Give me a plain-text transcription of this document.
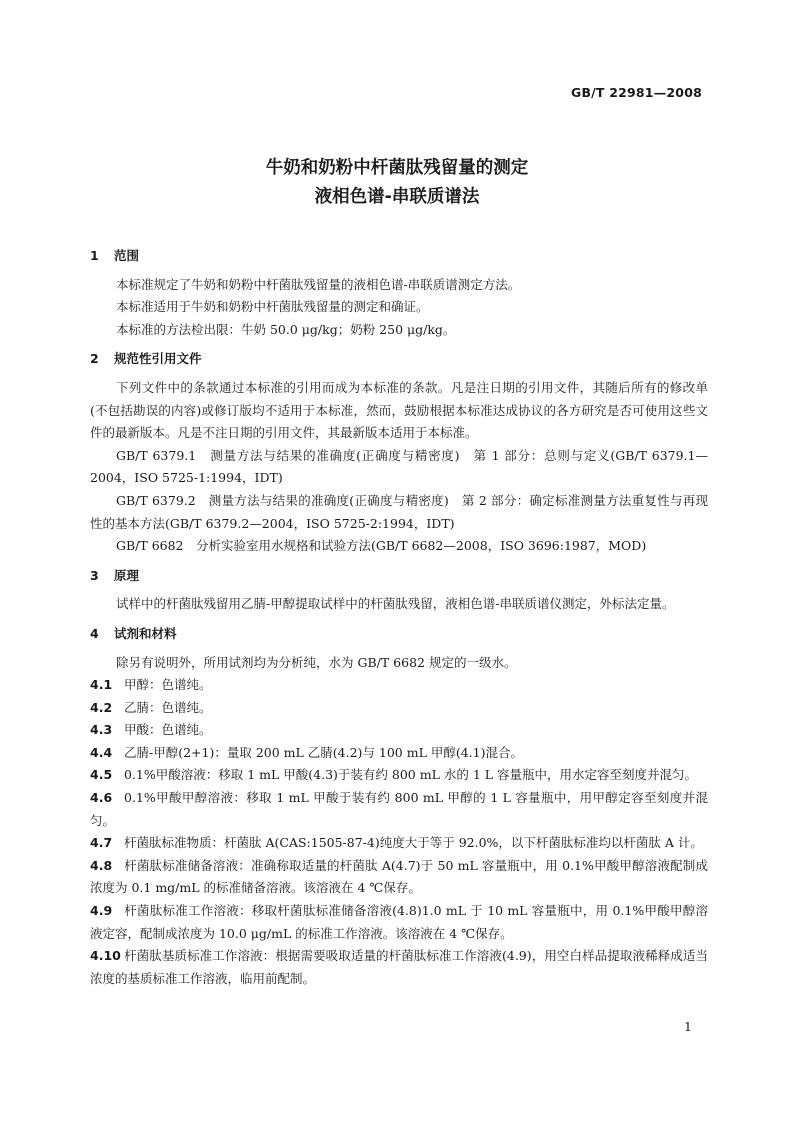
GB/T 22981—2008
牛奶和奶粉中杆菌肽残留量的测定
液相色谱-串联质谱法
1 范围
本标准规定了牛奶和奶粉中杆菌肽残留量的液相色谱-串联质谱测定方法。
本标准适用于牛奶和奶粉中杆菌肽残留量的测定和确证。
本标准的方法检出限：牛奶 50.0 μg/kg；奶粉 250 μg/kg。
2 规范性引用文件
下列文件中的条款通过本标准的引用而成为本标准的条款。凡是注日期的引用文件，其随后所有的修改单(不包括勘误的内容)或修订版均不适用于本标准，然而，鼓励根据本标准达成协议的各方研究是否可使用这些文件的最新版本。凡是不注日期的引用文件，其最新版本适用于本标准。
GB/T 6379.1　测量方法与结果的准确度(正确度与精密度)　第 1 部分：总则与定义(GB/T 6379.1—2004，ISO 5725-1:1994，IDT)
GB/T 6379.2　测量方法与结果的准确度(正确度与精密度)　第 2 部分：确定标准测量方法重复性与再现性的基本方法(GB/T 6379.2—2004，ISO 5725-2:1994，IDT)
GB/T 6682　分析实验室用水规格和试验方法(GB/T 6682—2008，ISO 3696:1987，MOD)
3 原理
试样中的杆菌肽残留用乙腈-甲醇提取试样中的杆菌肽残留，液相色谱-串联质谱仪测定，外标法定量。
4 试剂和材料
除另有说明外，所用试剂均为分析纯，水为 GB/T 6682 规定的一级水。
4.1 甲醇：色谱纯。
4.2 乙腈：色谱纯。
4.3 甲酸：色谱纯。
4.4 乙腈-甲醇(2+1)：量取 200 mL 乙腈(4.2)与 100 mL 甲醇(4.1)混合。
4.5 0.1%甲酸溶液：移取 1 mL 甲酸(4.3)于装有约 800 mL 水的 1 L 容量瓶中，用水定容至刻度并混匀。
4.6 0.1%甲酸甲醇溶液：移取 1 mL 甲酸于装有约 800 mL 甲醇的 1 L 容量瓶中，用甲醇定容至刻度并混匀。
4.7 杆菌肽标准物质：杆菌肽 A(CAS:1505-87-4)纯度大于等于 92.0%，以下杆菌肽标准均以杆菌肽 A 计。
4.8 杆菌肽标准储备溶液：准确称取适量的杆菌肽 A(4.7)于 50 mL 容量瓶中，用 0.1%甲酸甲醇溶液配制成浓度为 0.1 mg/mL 的标准储备溶液。该溶液在 4 ℃保存。
4.9 杆菌肽标准工作溶液：移取杆菌肽标准储备溶液(4.8)1.0 mL 于 10 mL 容量瓶中，用 0.1%甲酸甲醇溶液定容，配制成浓度为 10.0 μg/mL 的标准工作溶液。该溶液在 4 ℃保存。
4.10 杆菌肽基质标准工作溶液：根据需要吸取适量的杆菌肽标准工作溶液(4.9)，用空白样品提取液稀释成适当浓度的基质标准工作溶液，临用前配制。
1
